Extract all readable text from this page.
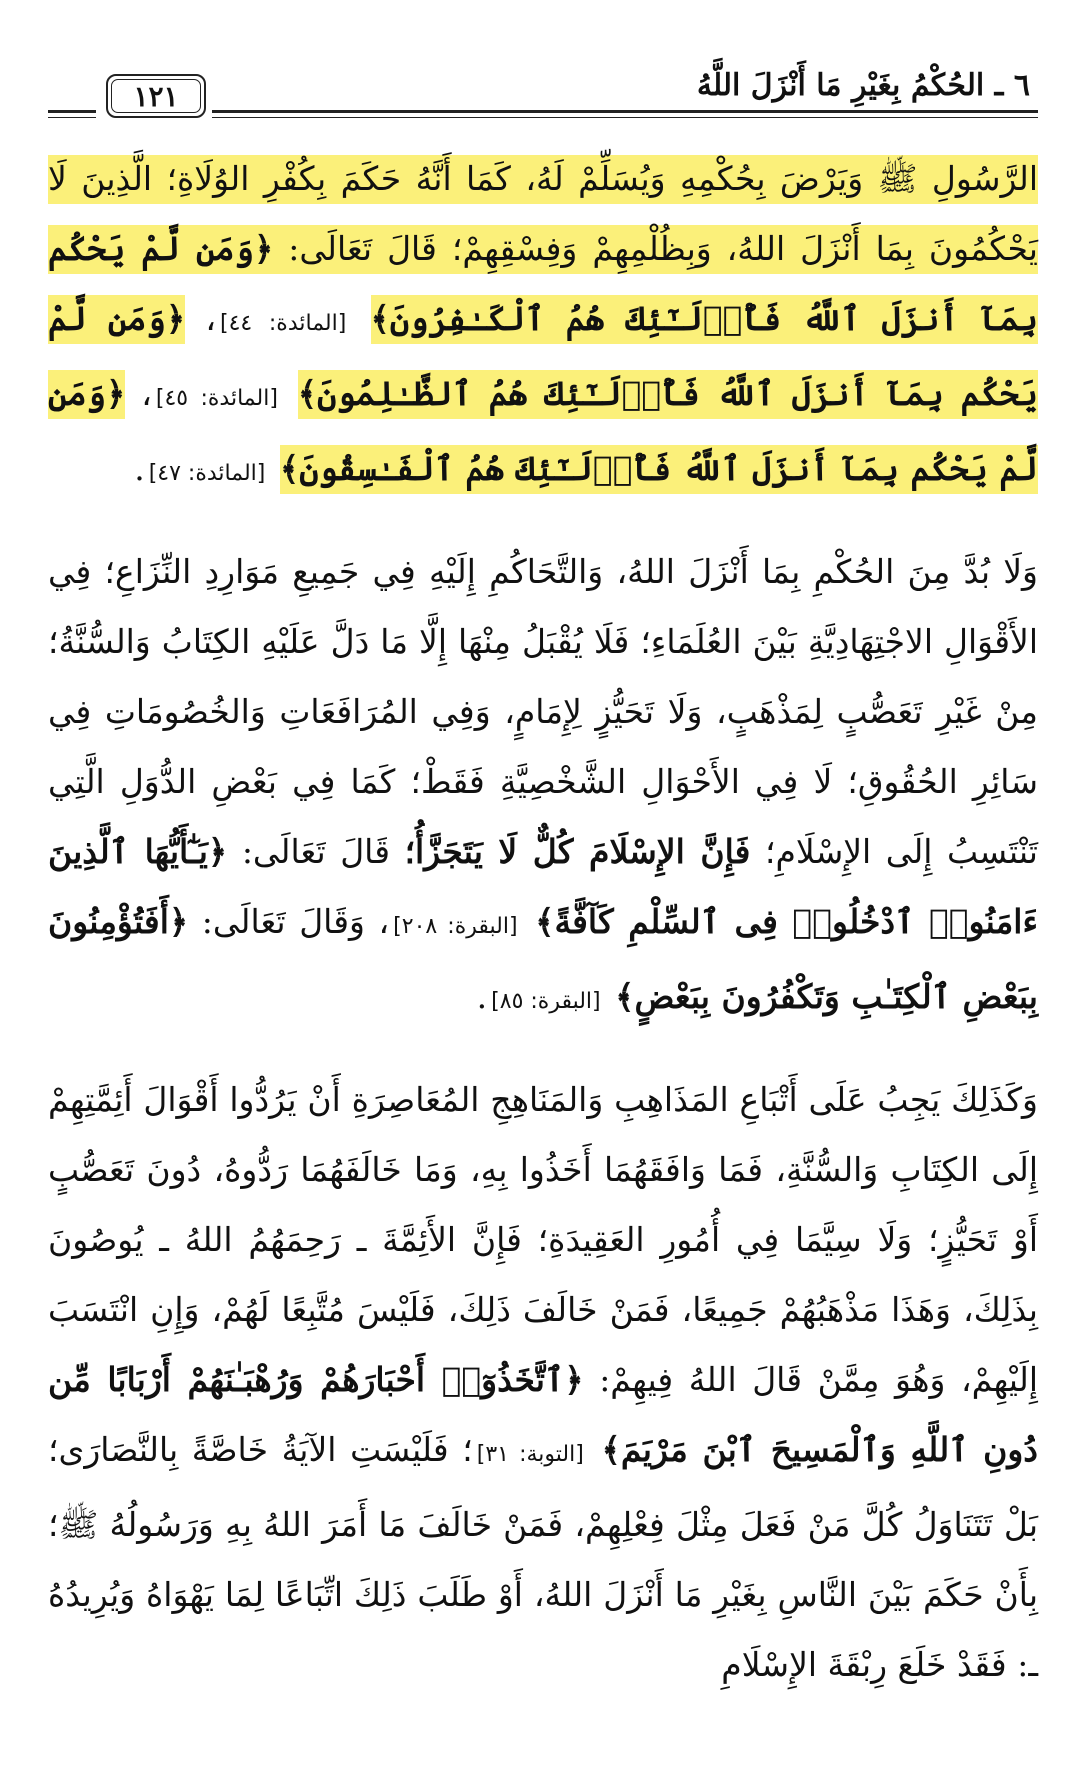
٦ ـ الحُكْمُ بِغَيْرِ مَا أَنْزَلَ اللَّهُ
١٢١

الرَّسُولِ ﷺ وَيَرْضَ بِحُكْمِهِ وَيُسَلِّمْ لَهُ، كَمَا أَنَّهُ حَكَمَ بِكُفْرِ الوُلَاةِ؛ الَّذِينَ لَا يَحْكُمُونَ بِمَا أَنْزَلَ اللهُ، وَبِظُلْمِهِمْ وَفِسْقِهِمْ؛ قَالَ تَعَالَى: ﴿وَمَن لَّمْ يَحْكُم بِمَآ أَنزَلَ ٱللَّهُ فَأُو۟لَـٰٓئِكَ هُمُ ٱلْكَـٰفِرُونَ﴾ [المائدة: ٤٤]، ﴿وَمَن لَّمْ يَحْكُم بِمَآ أَنزَلَ ٱللَّهُ فَأُو۟لَـٰٓئِكَ هُمُ ٱلظَّـٰلِمُونَ﴾ [المائدة: ٤٥]، ﴿وَمَن لَّمْ يَحْكُم بِمَآ أَنزَلَ ٱللَّهُ فَأُو۟لَـٰٓئِكَ هُمُ ٱلْفَـٰسِقُونَ﴾ [المائدة: ٤٧].

وَلَا بُدَّ مِنَ الحُكْمِ بِمَا أَنْزَلَ اللهُ، وَالتَّحَاكُمِ إِلَيْهِ فِي جَمِيعِ مَوَارِدِ النِّزَاعِ؛ فِي الأَقْوَالِ الاجْتِهَادِيَّةِ بَيْنَ العُلَمَاءِ؛ فَلَا يُقْبَلُ مِنْهَا إِلَّا مَا دَلَّ عَلَيْهِ الكِتَابُ وَالسُّنَّةُ؛ مِنْ غَيْرِ تَعَصُّبٍ لِمَذْهَبٍ، وَلَا تَحَيُّزٍ لِإِمَامٍ، وَفِي المُرَافَعَاتِ وَالخُصُومَاتِ فِي سَائِرِ الحُقُوقِ؛ لَا فِي الأَحْوَالِ الشَّخْصِيَّةِ فَقَطْ؛ كَمَا فِي بَعْضِ الدُّوَلِ الَّتِي تَنْتَسِبُ إِلَى الإِسْلَامِ؛ فَإِنَّ الإِسْلَامَ كُلٌّ لَا يَتَجَزَّأُ؛ قَالَ تَعَالَى: ﴿يَـٰٓأَيُّهَا ٱلَّذِينَ ءَامَنُوا۟ ٱدْخُلُوا۟ فِى ٱلسِّلْمِ كَآفَّةً﴾ [البقرة: ٢٠٨]، وَقَالَ تَعَالَى: ﴿أَفَتُؤْمِنُونَ بِبَعْضِ ٱلْكِتَـٰبِ وَتَكْفُرُونَ بِبَعْضٍ﴾ [البقرة: ٨٥].

وَكَذَلِكَ يَجِبُ عَلَى أَتْبَاعِ المَذَاهِبِ وَالمَنَاهِجِ المُعَاصِرَةِ أَنْ يَرُدُّوا أَقْوَالَ أَئِمَّتِهِمْ إِلَى الكِتَابِ وَالسُّنَّةِ، فَمَا وَافَقَهُمَا أَخَذُوا بِهِ، وَمَا خَالَفَهُمَا رَدُّوهُ، دُونَ تَعَصُّبٍ أَوْ تَحَيُّزٍ؛ وَلَا سِيَّمَا فِي أُمُورِ العَقِيدَةِ؛ فَإِنَّ الأَئِمَّةَ ـ رَحِمَهُمُ اللهُ ـ يُوصُونَ بِذَلِكَ، وَهَذَا مَذْهَبُهُمْ جَمِيعًا، فَمَنْ خَالَفَ ذَلِكَ، فَلَيْسَ مُتَّبِعًا لَهُمْ، وَإِنِ انْتَسَبَ إِلَيْهِمْ، وَهُوَ مِمَّنْ قَالَ اللهُ فِيهِمْ: ﴿ٱتَّخَذُوٓا۟ أَحْبَارَهُمْ وَرُهْبَـٰنَهُمْ أَرْبَابًا مِّن دُونِ ٱللَّهِ وَٱلْمَسِيحَ ٱبْنَ مَرْيَمَ﴾ [التوبة: ٣١]؛ فَلَيْسَتِ الآيَةُ خَاصَّةً بِالنَّصَارَى؛ بَلْ تَتَنَاوَلُ كُلَّ مَنْ فَعَلَ مِثْلَ فِعْلِهِمْ، فَمَنْ خَالَفَ مَا أَمَرَ اللهُ بِهِ وَرَسُولُهُ ﷺ؛ بِأَنْ حَكَمَ بَيْنَ النَّاسِ بِغَيْرِ مَا أَنْزَلَ اللهُ، أَوْ طَلَبَ ذَلِكَ اتِّبَاعًا لِمَا يَهْوَاهُ وَيُرِيدُهُ ـ: فَقَدْ خَلَعَ رِبْقَةَ الإِسْلَامِ
